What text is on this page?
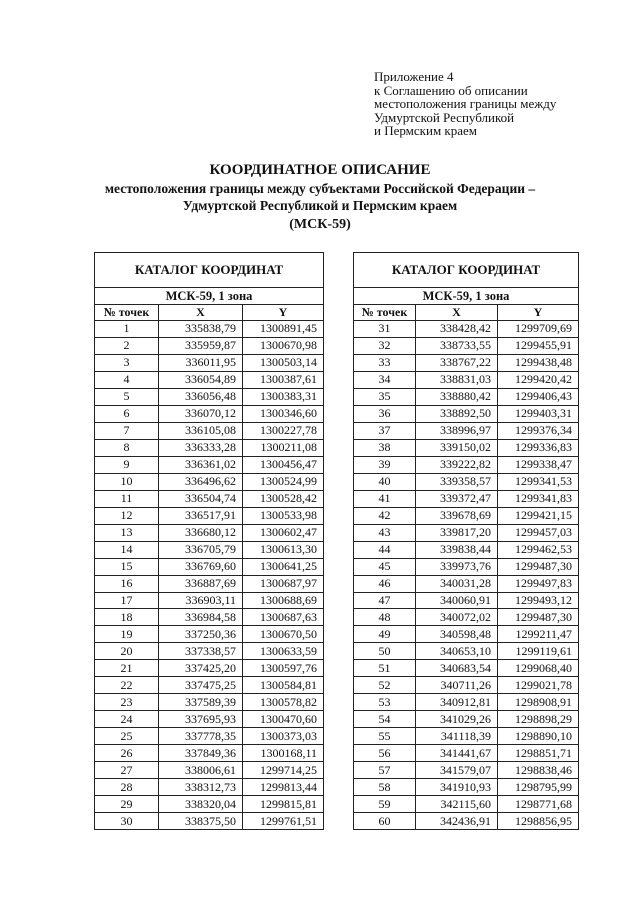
Приложение 4
к Соглашению об описании
местоположения границы между
Удмуртской Республикой
и Пермским краем
КООРДИНАТНОЕ ОПИСАНИЕ
местоположения границы между субъектами Российской Федерации –
Удмуртской Республикой и Пермским краем
(МСК-59)
КАТАЛОГ КООРДИНАТ		
МСК-59, 1 зона		
№ точек	X	Y
1	335838,79	1300891,45
2	335959,87	1300670,98
3	336011,95	1300503,14
4	336054,89	1300387,61
5	336056,48	1300383,31
6	336070,12	1300346,60
7	336105,08	1300227,78
8	336333,28	1300211,08
9	336361,02	1300456,47
10	336496,62	1300524,99
11	336504,74	1300528,42
12	336517,91	1300533,98
13	336680,12	1300602,47
14	336705,79	1300613,30
15	336769,60	1300641,25
16	336887,69	1300687,97
17	336903,11	1300688,69
18	336984,58	1300687,63
19	337250,36	1300670,50
20	337338,57	1300633,59
21	337425,20	1300597,76
22	337475,25	1300584,81
23	337589,39	1300578,82
24	337695,93	1300470,60
25	337778,35	1300373,03
26	337849,36	1300168,11
27	338006,61	1299714,25
28	338312,73	1299813,44
29	338320,04	1299815,81
30	338375,50	1299761,51
КАТАЛОГ КООРДИНАТ		
МСК-59, 1 зона		
№ точек	X	Y
31	338428,42	1299709,69
32	338733,55	1299455,91
33	338767,22	1299438,48
34	338831,03	1299420,42
35	338880,42	1299406,43
36	338892,50	1299403,31
37	338996,97	1299376,34
38	339150,02	1299336,83
39	339222,82	1299338,47
40	339358,57	1299341,53
41	339372,47	1299341,83
42	339678,69	1299421,15
43	339817,20	1299457,03
44	339838,44	1299462,53
45	339973,76	1299487,30
46	340031,28	1299497,83
47	340060,91	1299493,12
48	340072,02	1299487,30
49	340598,48	1299211,47
50	340653,10	1299119,61
51	340683,54	1299068,40
52	340711,26	1299021,78
53	340912,81	1298908,91
54	341029,26	1298898,29
55	341118,39	1298890,10
56	341441,67	1298851,71
57	341579,07	1298838,46
58	341910,93	1298795,99
59	342115,60	1298771,68
60	342436,91	1298856,95
